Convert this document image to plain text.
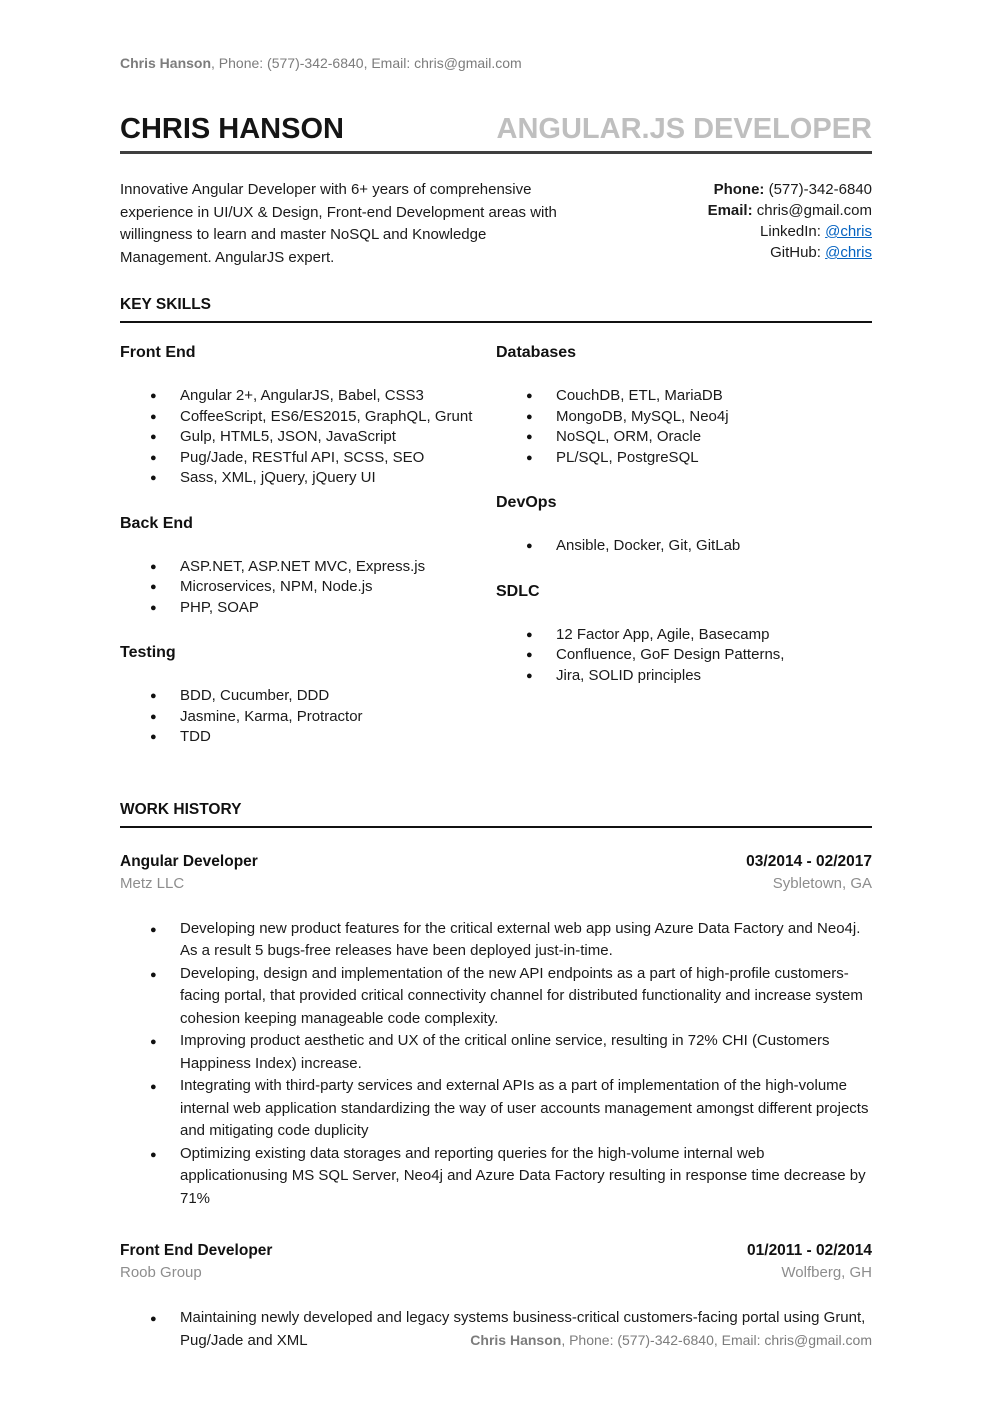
Chris Hanson, Phone: (577)-342-6840, Email: chris@gmail.com
CHRIS HANSON	ANGULAR.JS DEVELOPER
Innovative Angular Developer with 6+ years of comprehensive experience in UI/UX & Design, Front-end Development areas with willingness to learn and master NoSQL and Knowledge Management. AngularJS expert.
Phone: (577)-342-6840
Email: chris@gmail.com
LinkedIn: @chris
GitHub: @chris
KEY SKILLS
Front End
● Angular 2+, AngularJS, Babel, CSS3
● CoffeeScript, ES6/ES2015, GraphQL, Grunt
● Gulp, HTML5, JSON, JavaScript
● Pug/Jade, RESTful API, SCSS, SEO
● Sass, XML, jQuery, jQuery UI
Back End
● ASP.NET, ASP.NET MVC, Express.js
● Microservices, NPM, Node.js
● PHP, SOAP
Testing
● BDD, Cucumber, DDD
● Jasmine, Karma, Protractor
● TDD
Databases
● CouchDB, ETL, MariaDB
● MongoDB, MySQL, Neo4j
● NoSQL, ORM, Oracle
● PL/SQL, PostgreSQL
DevOps
● Ansible, Docker, Git, GitLab
SDLC
● 12 Factor App, Agile, Basecamp
● Confluence, GoF Design Patterns,
● Jira, SOLID principles
WORK HISTORY
Angular Developer	03/2014 - 02/2017
Metz LLC	Sybletown, GA
● Developing new product features for the critical external web app using Azure Data Factory and Neo4j. As a result 5 bugs-free releases have been deployed just-in-time.
● Developing, design and implementation of the new API endpoints as a part of high-profile customers-facing portal, that provided critical connectivity channel for distributed functionality and increase system cohesion keeping manageable code complexity.
● Improving product aesthetic and UX of the critical online service, resulting in 72% CHI (Customers Happiness Index) increase.
● Integrating with third-party services and external APIs as a part of implementation of the high-volume internal web application standardizing the way of user accounts management amongst different projects and mitigating code duplicity
● Optimizing existing data storages and reporting queries for the high-volume internal web applicationusing MS SQL Server, Neo4j and Azure Data Factory resulting in response time decrease by 71%
Front End Developer	01/2011 - 02/2014
Roob Group	Wolfberg, GH
● Maintaining newly developed and legacy systems business-critical customers-facing portal using Grunt, Pug/Jade and XML	Chris Hanson, Phone: (577)-342-6840, Email: chris@gmail.com
